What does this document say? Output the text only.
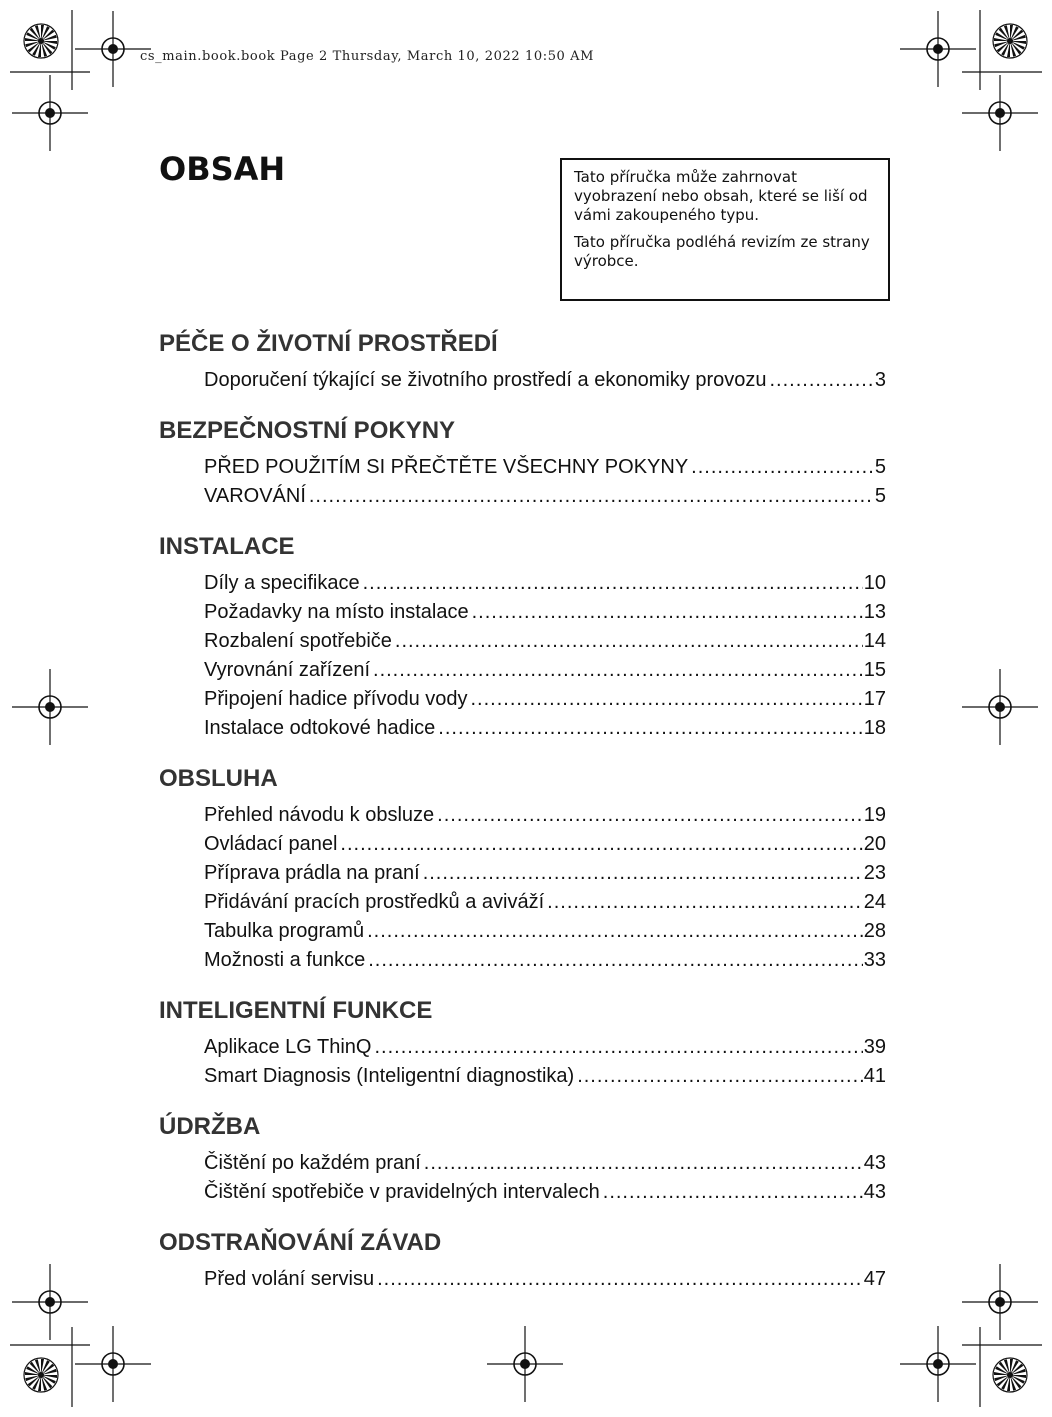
cs_main.book.book Page 2 Thursday, March 10, 2022 10:50 AM
OBSAH	Tato příručka může zahrnovat vyobrazení nebo obsah, které se liší od vámi zakoupeného typu.

Tato příručka podléhá revizím ze strany výrobce.

PÉČE O ŽIVOTNÍ PROSTŘEDÍ
Doporučení týkající se životního prostředí a ekonomiky provozu .....	3
BEZPEČNOSTNÍ POKYNY
PŘED POUŽITÍM SI PŘEČTĚTE VŠECHNY POKYNY .....	5
VAROVÁNÍ .....	5
INSTALACE
Díly a specifikace .....	10
Požadavky na místo instalace .....	13
Rozbalení spotřebiče .....	14
Vyrovnání zařízení .....	15
Připojení hadice přívodu vody .....	17
Instalace odtokové hadice .....	18
OBSLUHA
Přehled návodu k obsluze .....	19
Ovládací panel .....	20
Příprava prádla na praní .....	23
Přidávání pracích prostředků a aviváží .....	24
Tabulka programů .....	28
Možnosti a funkce .....	33
INTELIGENTNÍ FUNKCE
Aplikace LG ThinQ .....	39
Smart Diagnosis (Inteligentní diagnostika) .....	41
ÚDRŽBA
Čištění po každém praní .....	43
Čištění spotřebiče v pravidelných intervalech .....	43
ODSTRAŇOVÁNÍ ZÁVAD
Před volání servisu .....	47
